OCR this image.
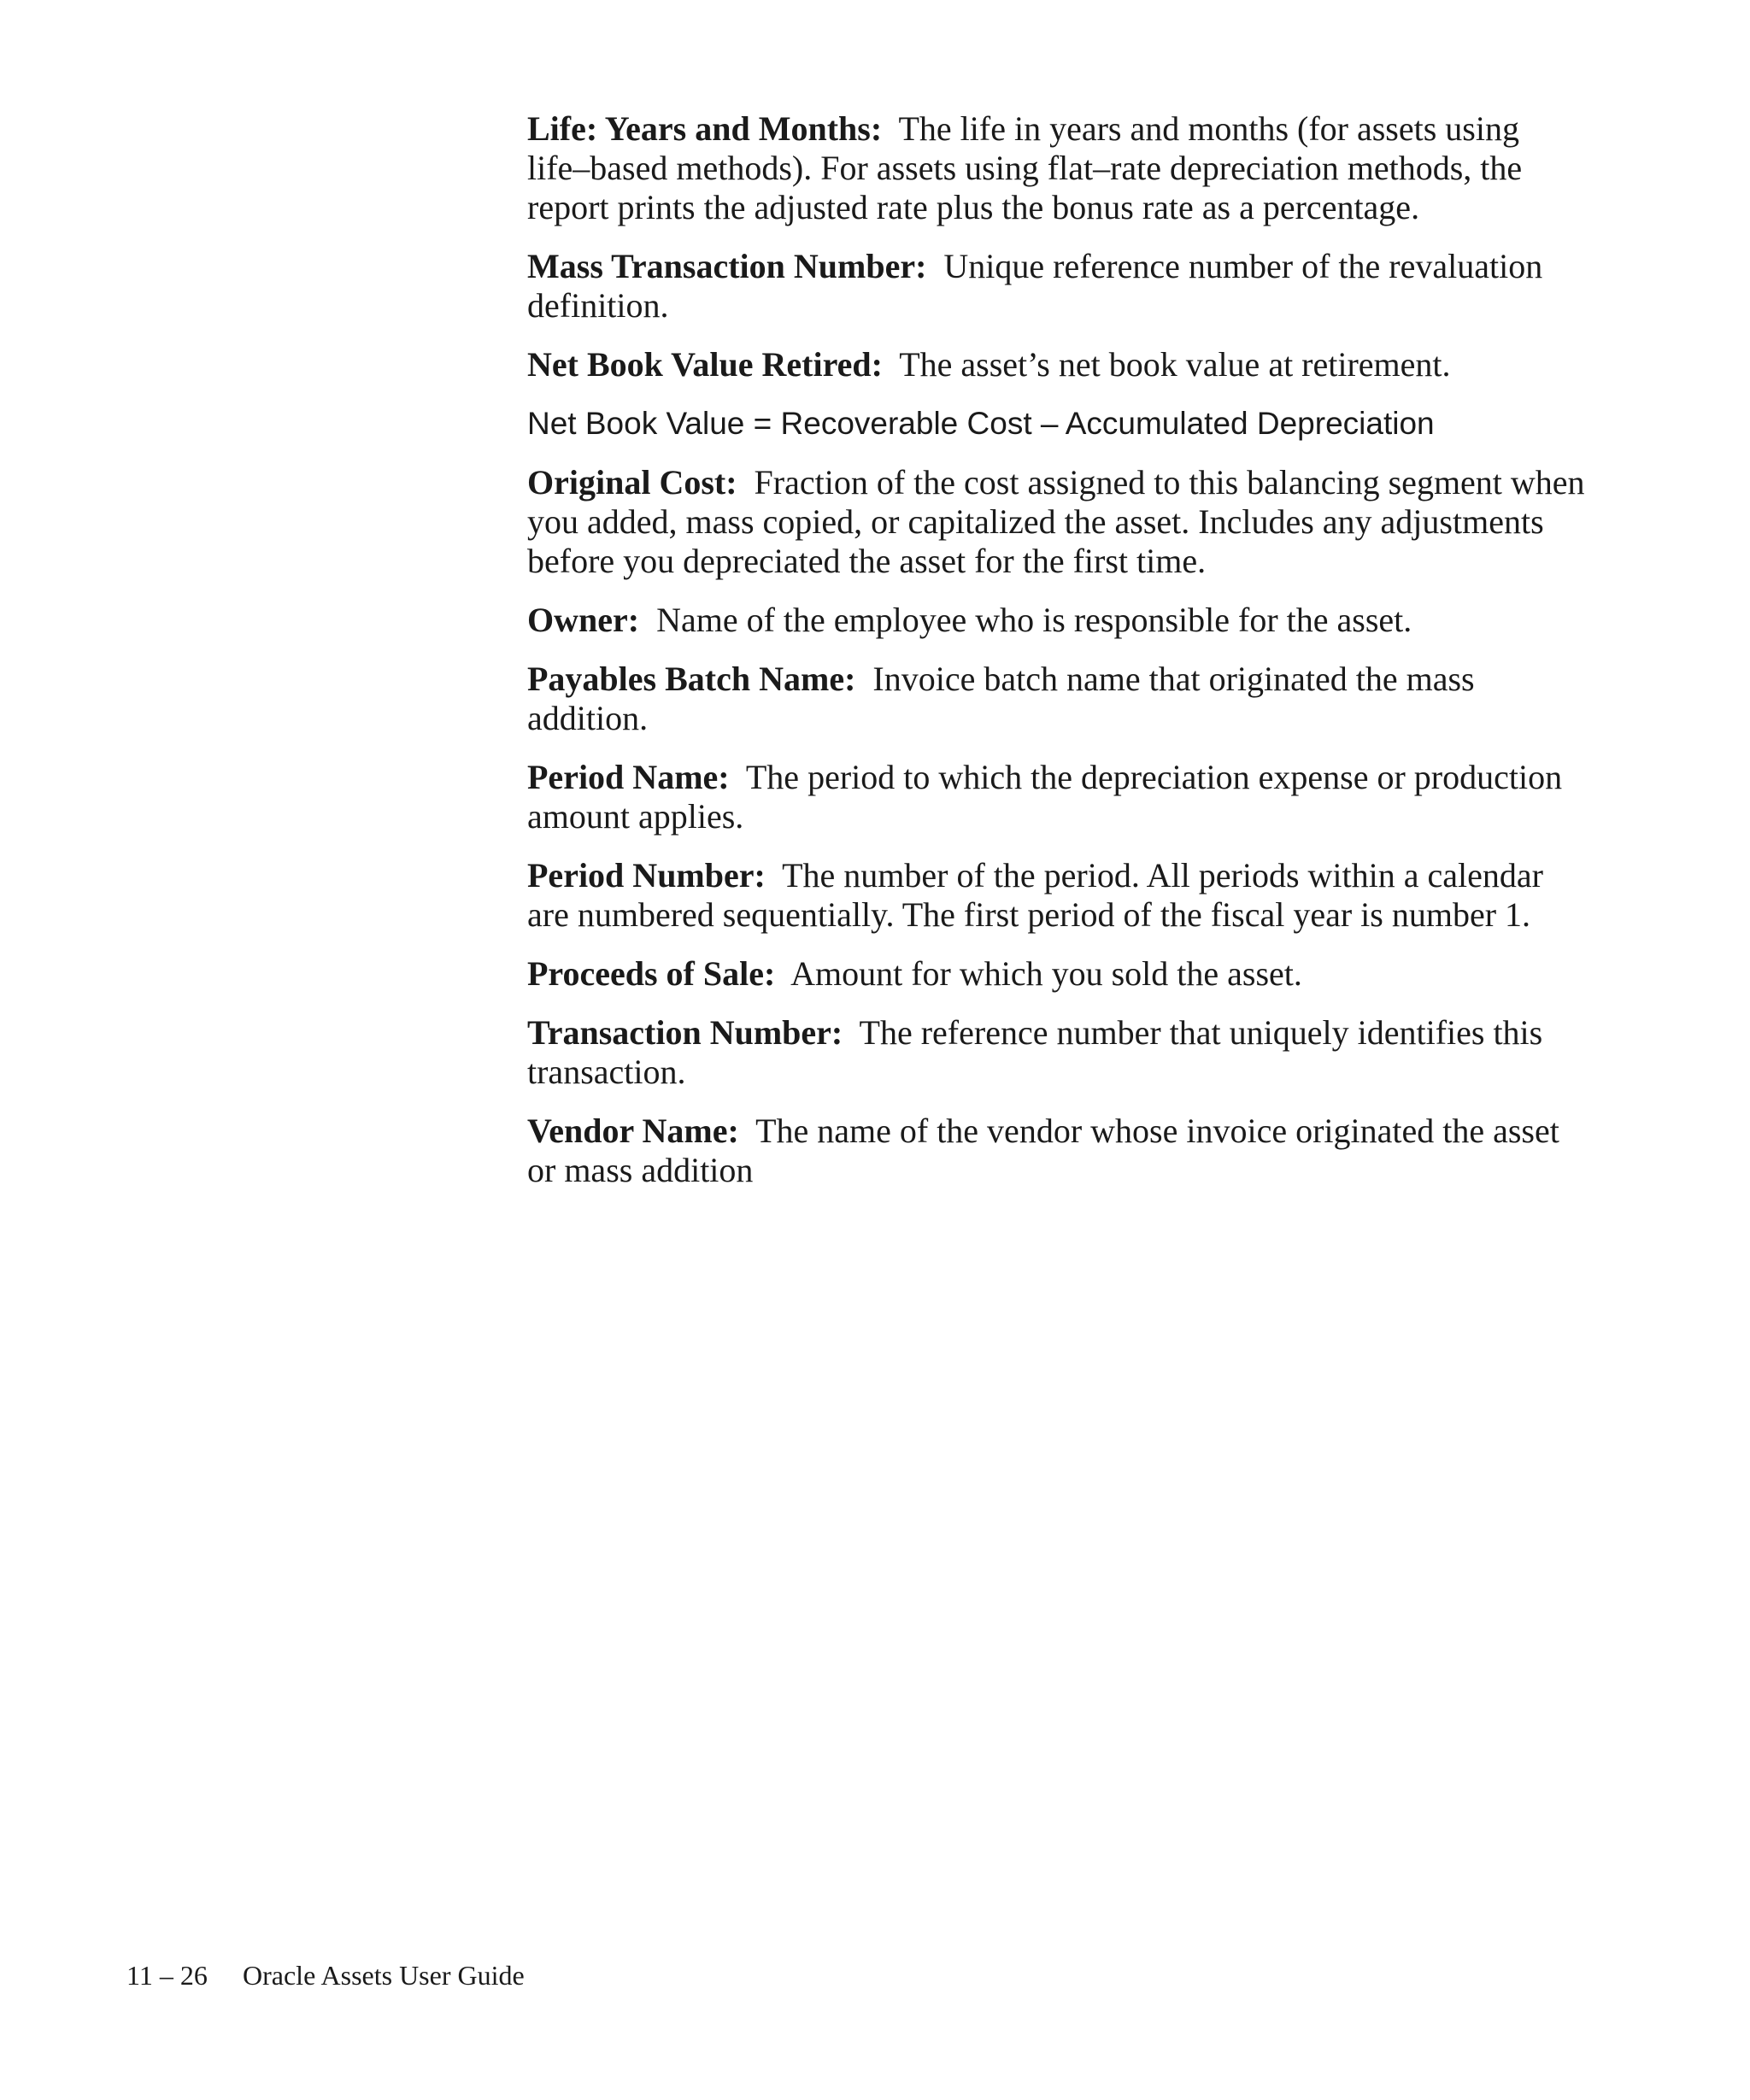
Life: Years and Months: The life in years and months (for assets using life–based methods). For assets using flat–rate depreciation methods, the report prints the adjusted rate plus the bonus rate as a percentage.

Mass Transaction Number: Unique reference number of the revaluation definition.

Net Book Value Retired: The asset’s net book value at retirement.

Net Book Value = Recoverable Cost – Accumulated Depreciation

Original Cost: Fraction of the cost assigned to this balancing segment when you added, mass copied, or capitalized the asset. Includes any adjustments before you depreciated the asset for the first time.

Owner: Name of the employee who is responsible for the asset.

Payables Batch Name: Invoice batch name that originated the mass addition.

Period Name: The period to which the depreciation expense or production amount applies.

Period Number: The number of the period. All periods within a calendar are numbered sequentially. The first period of the fiscal year is number 1.

Proceeds of Sale: Amount for which you sold the asset.

Transaction Number: The reference number that uniquely identifies this transaction.

Vendor Name: The name of the vendor whose invoice originated the asset or mass addition

11 – 26 Oracle Assets User Guide
